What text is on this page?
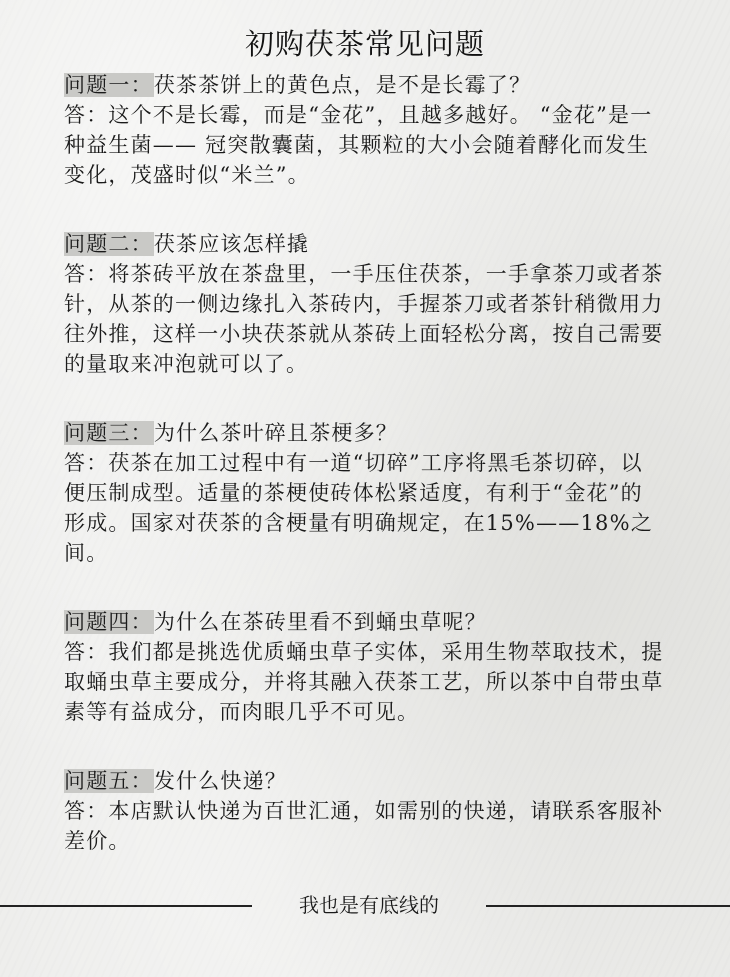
初购茯茶常见问题

问题一：茯茶茶饼上的黄色点，是不是长霉了？

答：这个不是长霉，而是“金花”，且越多越好。 “金花”是一种益生菌—— 冠突散囊菌，其颗粒的大小会随着酵化而发生变化，茂盛时似“米兰”。

问题二：茯茶应该怎样撬

答：将茶砖平放在茶盘里，一手压住茯茶，一手拿茶刀或者茶针，从茶的一侧边缘扎入茶砖内，手握茶刀或者茶针稍微用力往外推，这样一小块茯茶就从茶砖上面轻松分离，按自己需要的量取来冲泡就可以了。

问题三：为什么茶叶碎且茶梗多？

答：茯茶在加工过程中有一道“切碎”工序将黑毛茶切碎，以便压制成型。适量的茶梗使砖体松紧适度，有利于“金花”的形成。国家对茯茶的含梗量有明确规定，在15%——18%之间。

问题四：为什么在茶砖里看不到蛹虫草呢？

答：我们都是挑选优质蛹虫草子实体，采用生物萃取技术，提取蛹虫草主要成分，并将其融入茯茶工艺，所以茶中自带虫草素等有益成分，而肉眼几乎不可见。

问题五：发什么快递？

答：本店默认快递为百世汇通，如需别的快递，请联系客服补差价。

我也是有底线的
